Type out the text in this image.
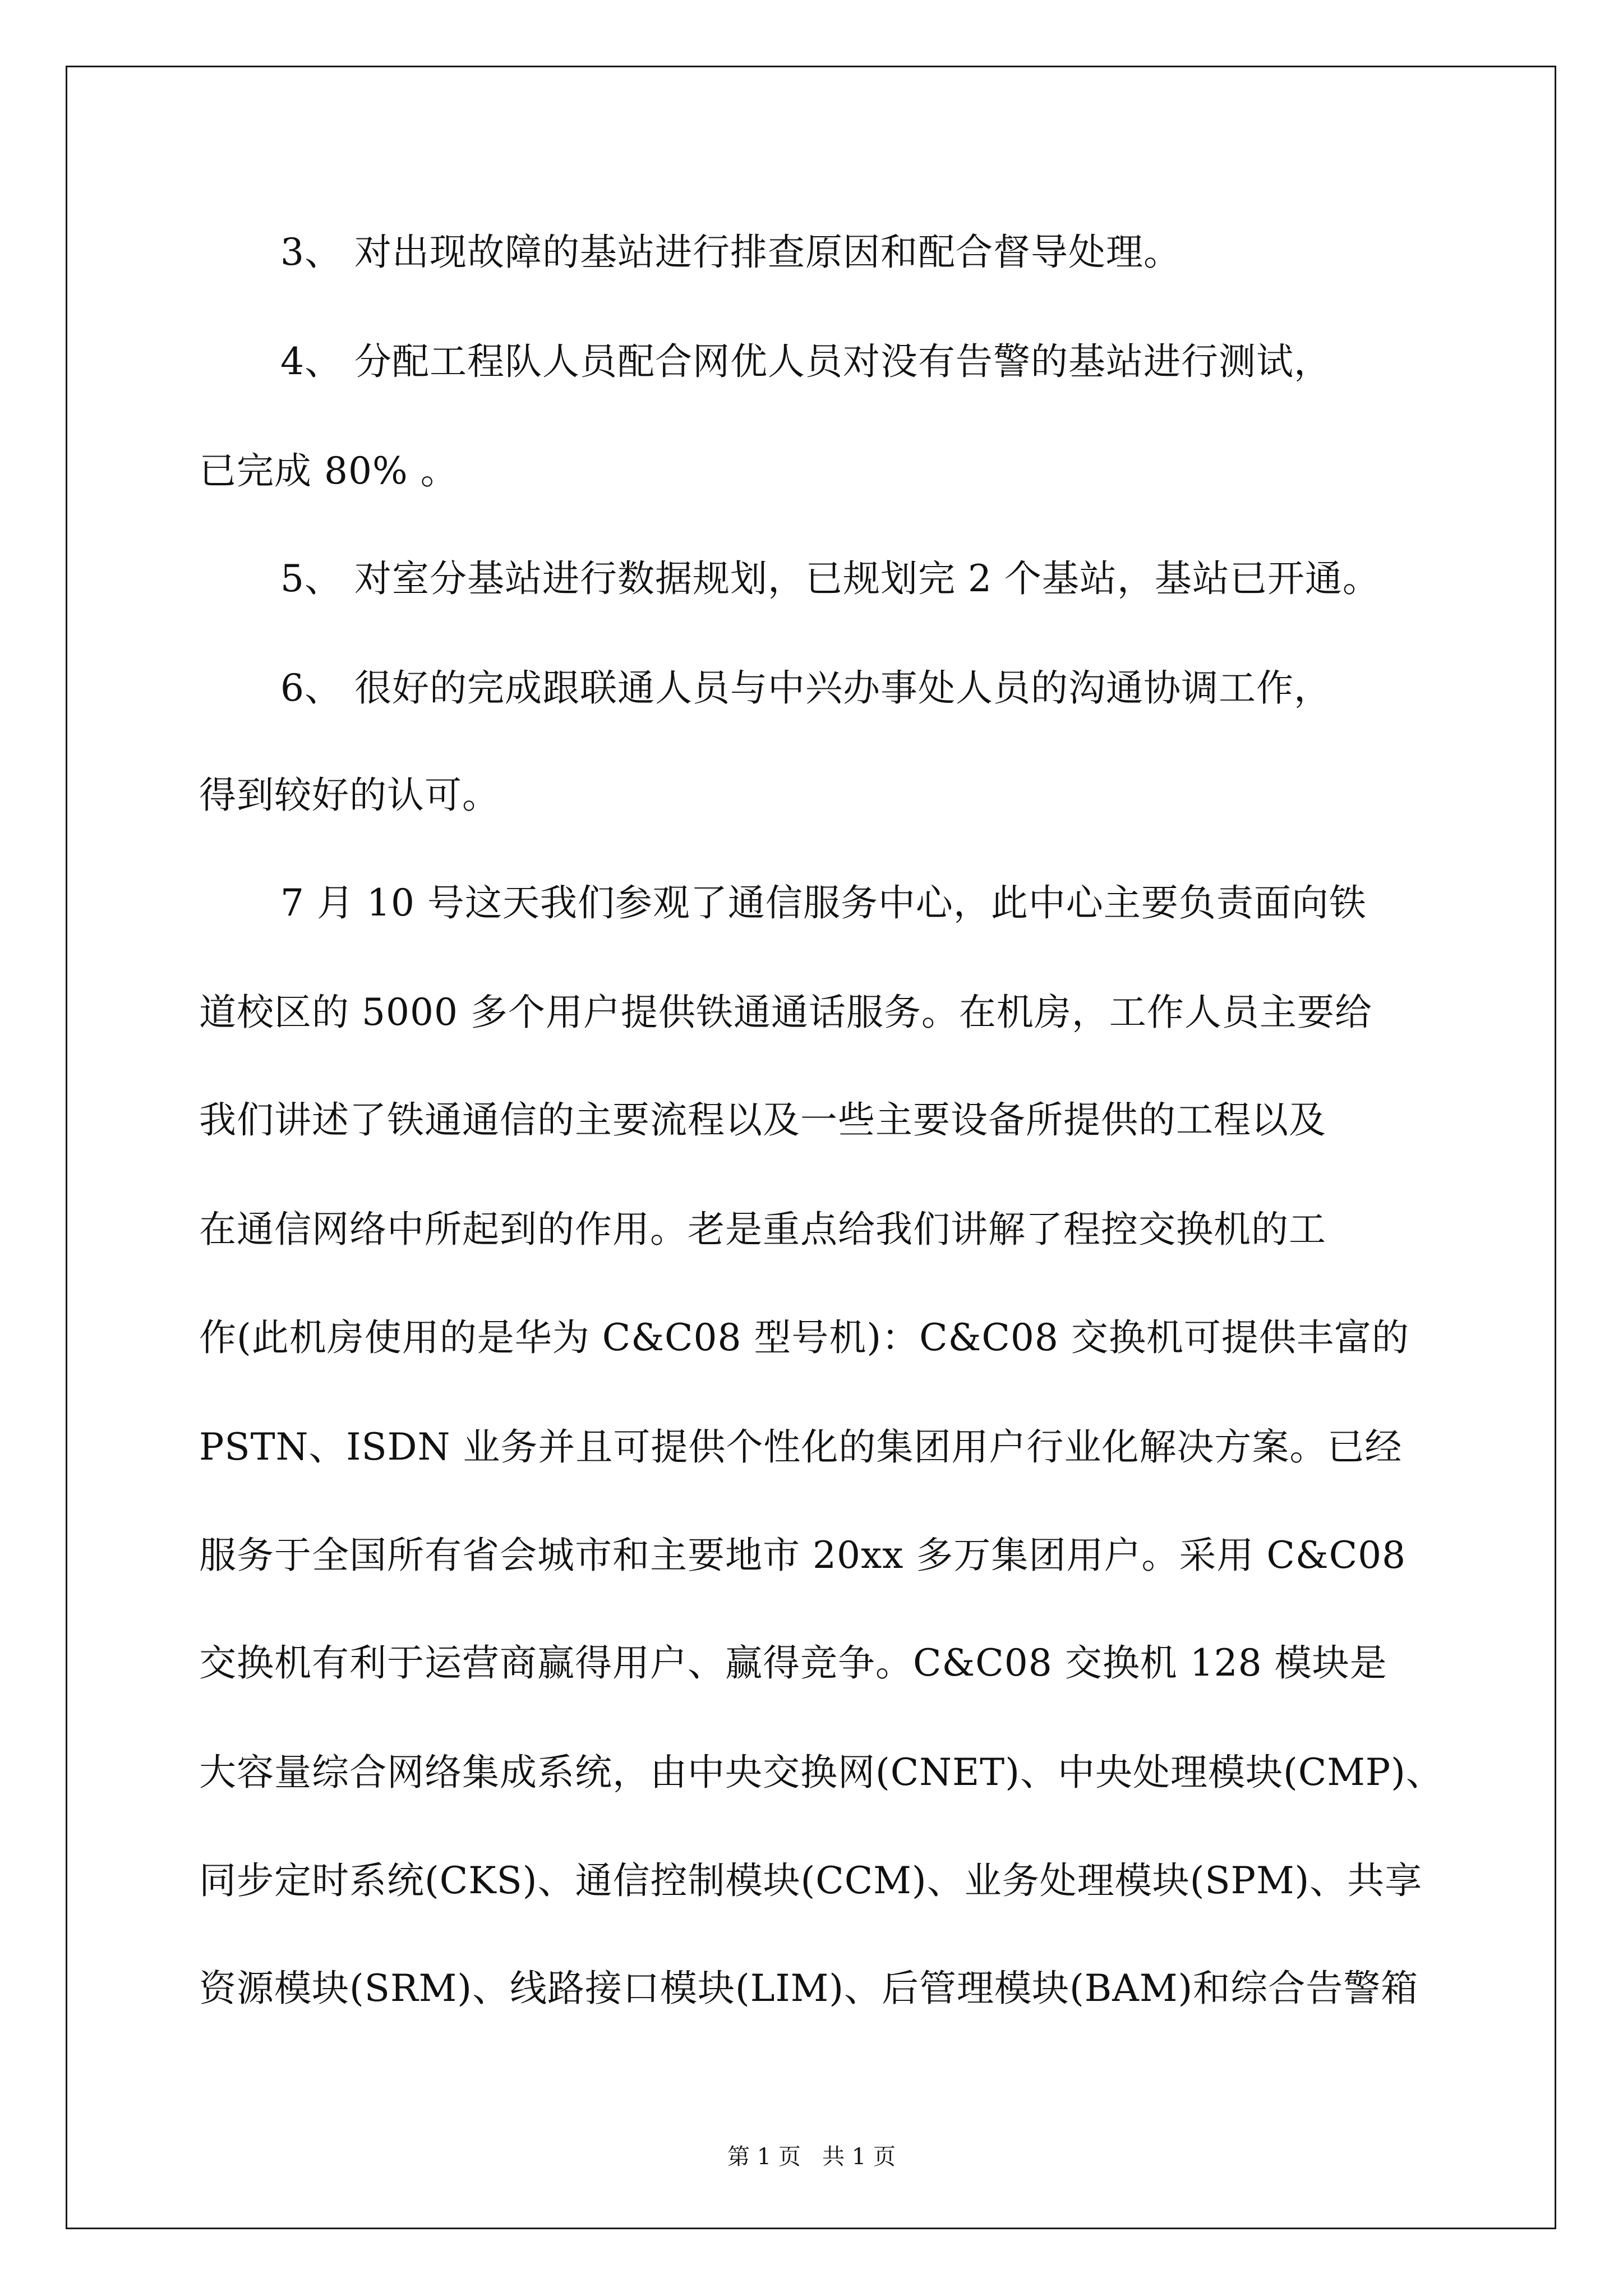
3、 对出现故障的基站进行排查原因和配合督导处理。
4、 分配工程队人员配合网优人员对没有告警的基站进行测试，
已完成 80% 。
5、 对室分基站进行数据规划，已规划完 2 个基站，基站已开通。
6、 很好的完成跟联通人员与中兴办事处人员的沟通协调工作，
得到较好的认可。
7 月 10 号这天我们参观了通信服务中心，此中心主要负责面向铁
道校区的 5000 多个用户提供铁通通话服务。在机房，工作人员主要给
我们讲述了铁通通信的主要流程以及一些主要设备所提供的工程以及
在通信网络中所起到的作用。老是重点给我们讲解了程控交换机的工
作(此机房使用的是华为 C&C08 型号机)：C&C08 交换机可提供丰富的
PSTN、ISDN 业务并且可提供个性化的集团用户行业化解决方案。已经
服务于全国所有省会城市和主要地市 20xx 多万集团用户。采用 C&C08
交换机有利于运营商赢得用户、赢得竞争。C&C08 交换机 128 模块是
大容量综合网络集成系统，由中央交换网(CNET)、中央处理模块(CMP)、
同步定时系统(CKS)、通信控制模块(CCM)、业务处理模块(SPM)、共享
资源模块(SRM)、线路接口模块(LIM)、后管理模块(BAM)和综合告警箱
第 1 页   共 1 页
